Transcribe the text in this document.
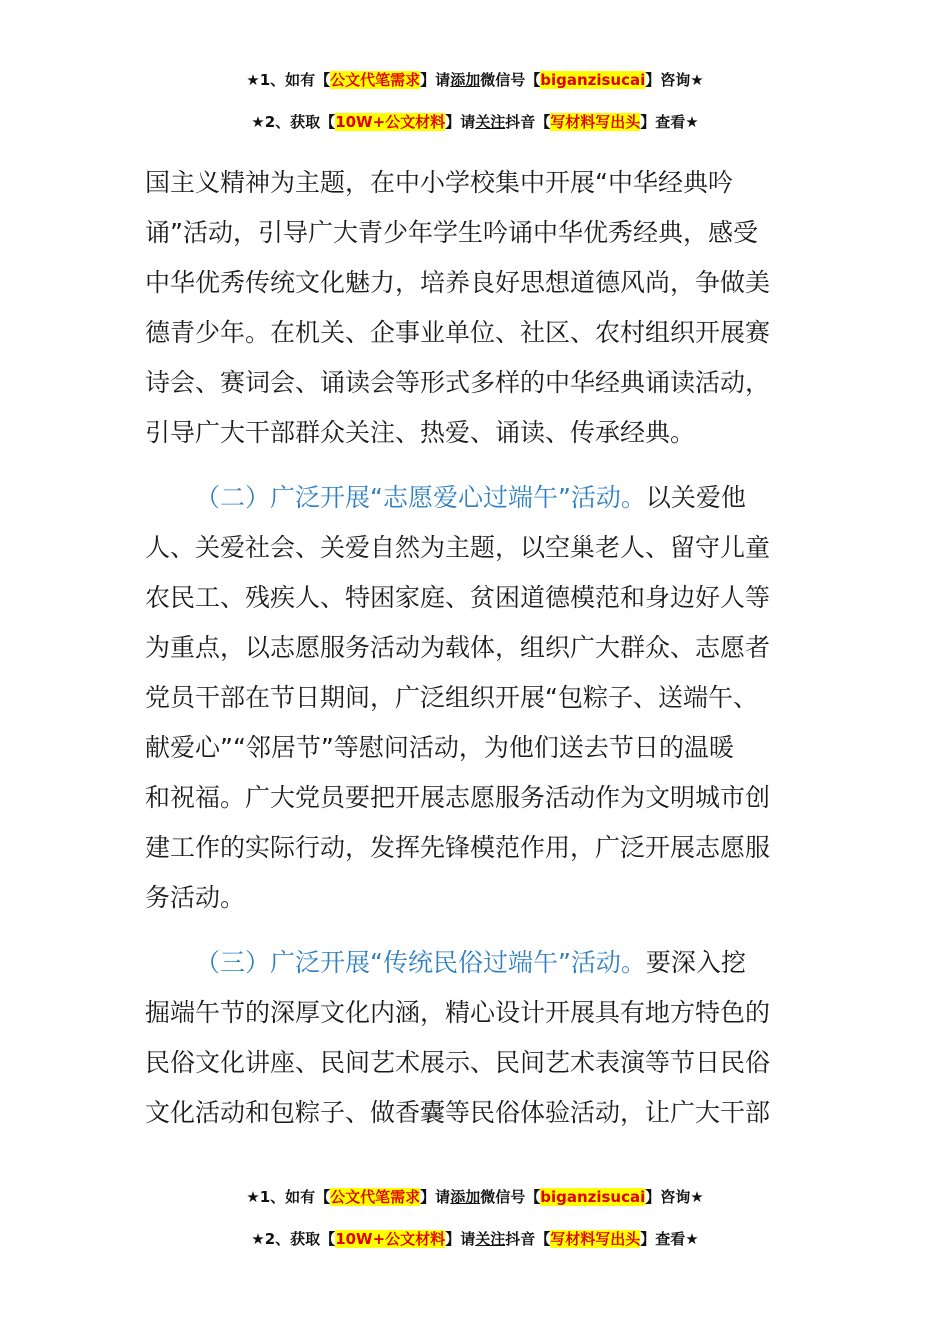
★1、如有【公文代笔需求】请添加微信号【biganzisucai】咨询★
★2、获取【10W+公文材料】请关注抖音【写材料写出头】查看★

国主义精神为主题，在中小学校集中开展“中华经典吟

诵”活动，引导广大青少年学生吟诵中华优秀经典，感受

中华优秀传统文化魅力，培养良好思想道德风尚，争做美

德青少年。在机关、企事业单位、社区、农村组织开展赛

诗会、赛词会、诵读会等形式多样的中华经典诵读活动，

引导广大干部群众关注、热爱、诵读、传承经典。

（二）广泛开展“志愿爱心过端午”活动。以关爱他

人、关爱社会、关爱自然为主题，以空巢老人、留守儿童

农民工、残疾人、特困家庭、贫困道德模范和身边好人等

为重点，以志愿服务活动为载体，组织广大群众、志愿者

党员干部在节日期间，广泛组织开展“包粽子、送端午、

献爱心”“邻居节”等慰问活动，为他们送去节日的温暖

和祝福。广大党员要把开展志愿服务活动作为文明城市创

建工作的实际行动，发挥先锋模范作用，广泛开展志愿服

务活动。

（三）广泛开展“传统民俗过端午”活动。要深入挖

掘端午节的深厚文化内涵，精心设计开展具有地方特色的

民俗文化讲座、民间艺术展示、民间艺术表演等节日民俗

文化活动和包粽子、做香囊等民俗体验活动，让广大干部

★1、如有【公文代笔需求】请添加微信号【biganzisucai】咨询★
★2、获取【10W+公文材料】请关注抖音【写材料写出头】查看★
